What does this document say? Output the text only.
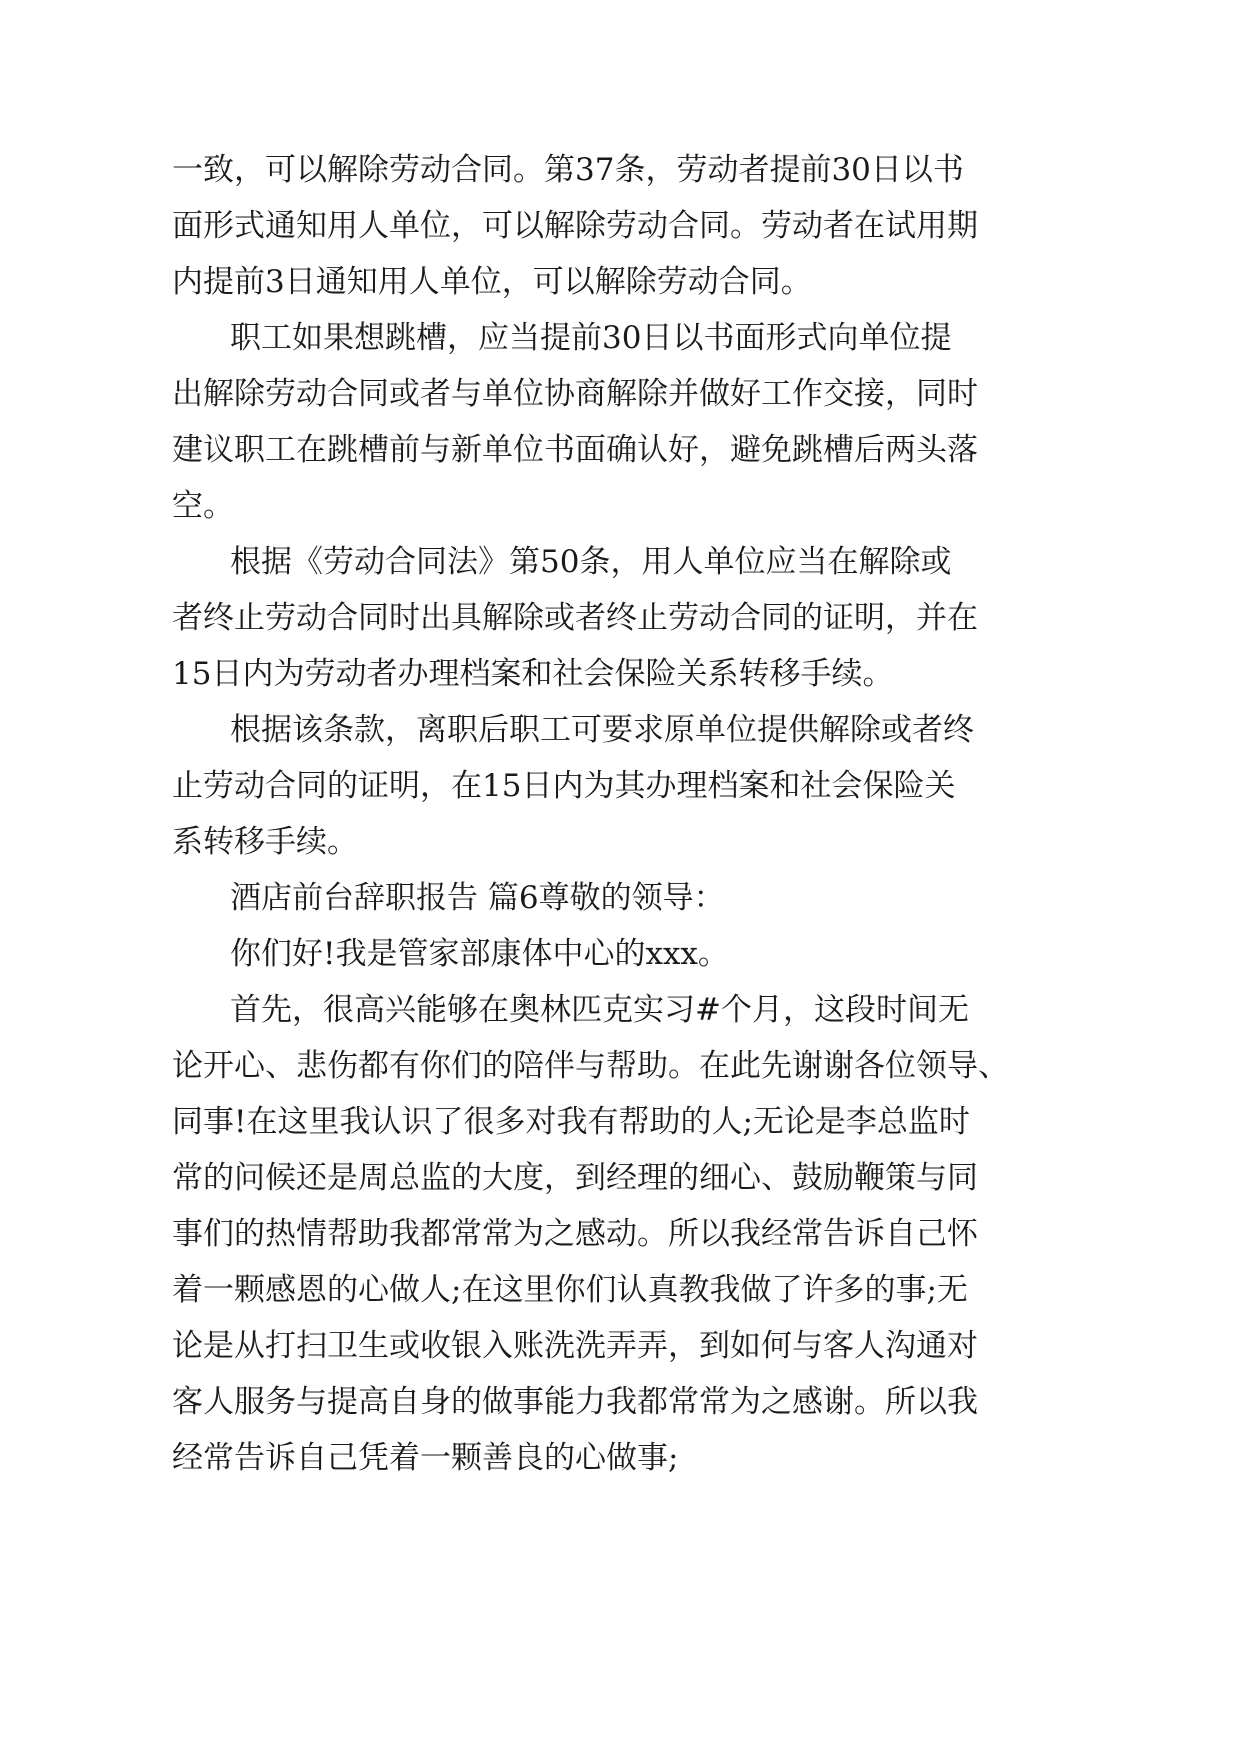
一致，可以解除劳动合同。第37条，劳动者提前30日以书
面形式通知用人单位，可以解除劳动合同。劳动者在试用期
内提前3日通知用人单位，可以解除劳动合同。
职工如果想跳槽，应当提前30日以书面形式向单位提
出解除劳动合同或者与单位协商解除并做好工作交接，同时
建议职工在跳槽前与新单位书面确认好，避免跳槽后两头落
空。
根据《劳动合同法》第50条，用人单位应当在解除或
者终止劳动合同时出具解除或者终止劳动合同的证明，并在
15日内为劳动者办理档案和社会保险关系转移手续。
根据该条款，离职后职工可要求原单位提供解除或者终
止劳动合同的证明，在15日内为其办理档案和社会保险关
系转移手续。
酒店前台辞职报告 篇6尊敬的领导：
你们好!我是管家部康体中心的xxx。
首先，很高兴能够在奥林匹克实习#个月，这段时间无
论开心、悲伤都有你们的陪伴与帮助。在此先谢谢各位领导、
同事!在这里我认识了很多对我有帮助的人;无论是李总监时
常的问候还是周总监的大度，到经理的细心、鼓励鞭策与同
事们的热情帮助我都常常为之感动。所以我经常告诉自己怀
着一颗感恩的心做人;在这里你们认真教我做了许多的事;无
论是从打扫卫生或收银入账洗洗弄弄，到如何与客人沟通对
客人服务与提高自身的做事能力我都常常为之感谢。所以我
经常告诉自己凭着一颗善良的心做事;
